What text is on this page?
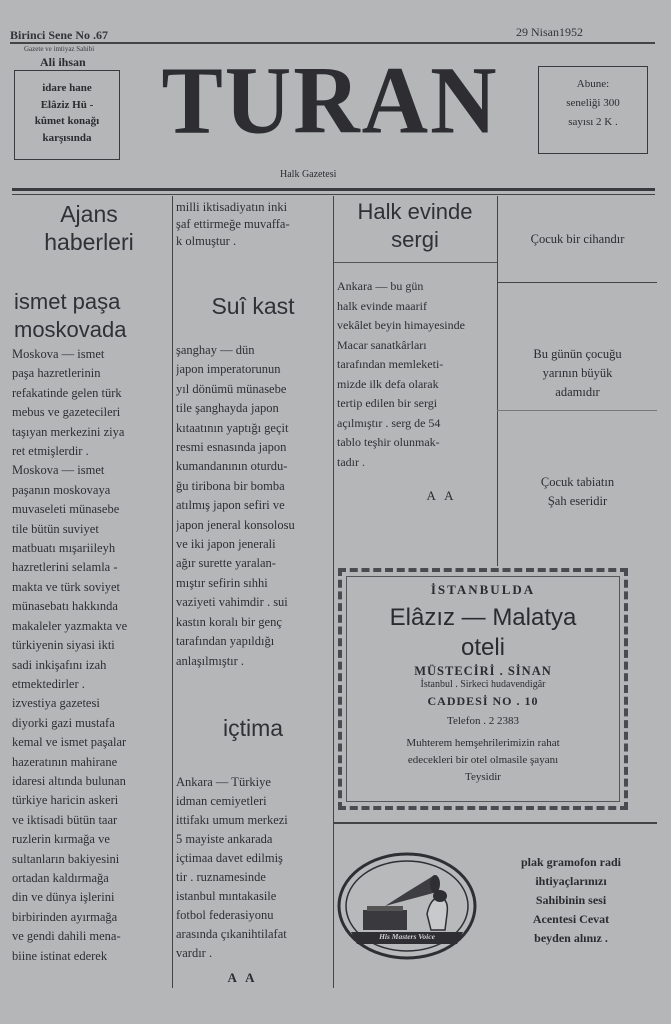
Birinci Sene No .67	29 Nisan1952
Gazete ve imtiyaz Sahibi
Ali ihsan
idare hane
Elâziz Hü -
kûmet konağı
karşısında TURAN	Abune:
seneliği 300
sayısı 2 K .
Halk Gazetesi
Ajans
haberleri
ismet paşa
moskovada
Moskova — ismet
paşa hazretlerinin
refakatinde gelen türk
mebus ve gazetecileri
taşıyan merkezini ziya
ret etmişlerdir .
Moskova — ismet
paşanın moskovaya
muvaseleti münasebe
tile bütün suviyet
matbuatı mışariileyh
hazretlerini selamla -
makta ve türk soviyet
münasebatı hakkında
makaleler yazmakta ve
türkiyenin siyasi ikti
sadi inkişafını izah
etmektedirler .
izvestiya gazetesi
diyorki gazi mustafa
kemal ve ismet paşalar
hazeratının mahirane
idaresi altında bulunan
türkiye haricin askeri
ve iktisadi bütün taar
ruzlerin kırmağa ve
sultanların bakiyesini
ortadan kaldırmağa
din ve dünya işlerini
birbirinden ayırmağa
ve gendi dahili mena-
biine istinat ederek
milli iktisadiyatın inki
şaf ettirmeğe muvaffa-
k olmuştur .
Suî kast
şanghay — dün
japon imperatorunun
yıl dönümü münasebe
tile şanghayda japon
kıtaatının yaptığı geçit
resmi esnasında japon
kumandanının oturdu-
ğu tiribona bir bomba
atılmış japon sefiri ve
japon jeneral konsolosu
ve iki japon jenerali
ağır surette yaralan-
mıştır sefirin sıhhi
vaziyeti vahimdir . sui
kastın koralı bir genç
tarafından yapıldığı
anlaşılmıştır .
içtima
Ankara — Türkiye
idman cemiyetleri
ittifakı umum merkezi
5 mayiste ankarada
içtimaa davet edilmiş
tir . ruznamesinde
istanbul mıntakasile
fotbol federasiyonu
arasında çıkanihtilafat
vardır .
A   A
Halk evinde
sergi
Ankara — bu gün
halk evinde maarif
vekâlet beyin himayesinde
Macar sanatkârları
tarafından memleketi-
mizde ilk defa olarak
tertip edilen bir sergi
açılmıştır . serg de 54
tablo teşhir olunmak-
tadır .
A   A
Çocuk bir cihandır
Bu günün çocuğu
yarının büyük
adamıdır
Çocuk tabiatın
Şah eseridir
İSTANBULDA
Elâzız — Malatya
oteli
MÜSTECİRİ . SİNAN
İstanbul . Sirkeci hudavendigâr
CADDESİ NO . 10
Telefon . 2 2383
Muhterem hemşehrilerimizin rahat
edecekleri bir otel olmasile şayanı
Teysidir
His Masters Voice
plak gramofon radi
ihtiyaçlarınızı
Sahibinin sesi
Acentesi Cevat
beyden alınız .
